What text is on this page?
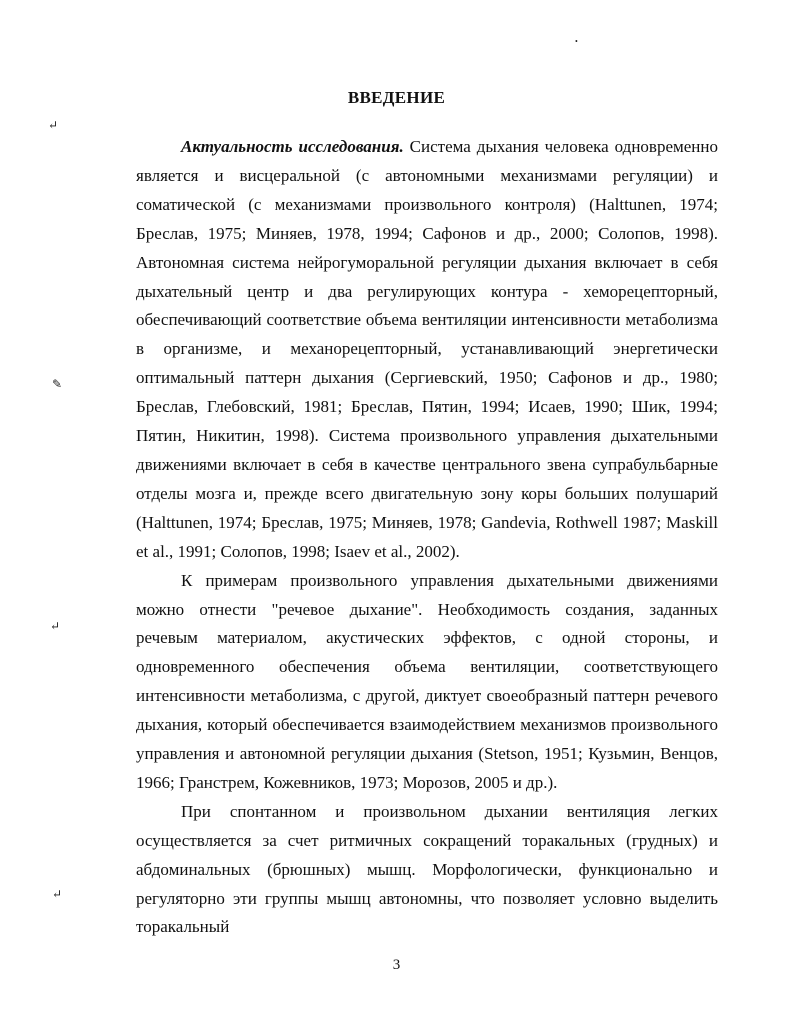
↵
✎
↵
↵
•
ВВЕДЕНИЕ

Актуальность исследования. Система дыхания человека одновременно является и висцеральной (с автономными механизмами регуляции) и соматической (с механизмами произвольного контроля) (Halttunen, 1974; Бреслав, 1975; Миняев, 1978, 1994; Сафонов и др., 2000; Солопов, 1998). Автономная система нейрогуморальной регуляции дыхания включает в себя дыхательный центр и два регулирующих контура - хеморецепторный, обеспечивающий соответствие объема вентиляции интенсивности метаболизма в организме, и механорецепторный, устанавливающий энергетически оптимальный паттерн дыхания (Сергиевский, 1950; Сафонов и др., 1980; Бреслав, Глебовский, 1981; Бреслав, Пятин, 1994; Исаев, 1990; Шик, 1994; Пятин, Никитин, 1998). Система произвольного управления дыхательными движениями включает в себя в качестве центрального звена супрабульбарные отделы мозга и, прежде всего двигательную зону коры больших полушарий (Halttunen, 1974; Бреслав, 1975; Миняев, 1978; Gandevia, Rothwell 1987; Maskill et al., 1991; Солопов, 1998; Isaev et al., 2002).

К примерам произвольного управления дыхательными движениями можно отнести "речевое дыхание". Необходимость создания, заданных речевым материалом, акустических эффектов, с одной стороны, и одновременного обеспечения объема вентиляции, соответствующего интенсивности метаболизма, с другой, диктует своеобразный паттерн речевого дыхания, который обеспечивается взаимодействием механизмов произвольного управления и автономной регуляции дыхания (Stetson, 1951; Кузьмин, Венцов, 1966; Гранстрем, Кожевников, 1973; Морозов, 2005 и др.).

При спонтанном и произвольном дыхании вентиляция легких осуществляется за счет ритмичных сокращений торакальных (грудных) и абдоминальных (брюшных) мышц. Морфологически, функционально и регуляторно эти группы мышц автономны, что позволяет условно выделить торакальный

3
